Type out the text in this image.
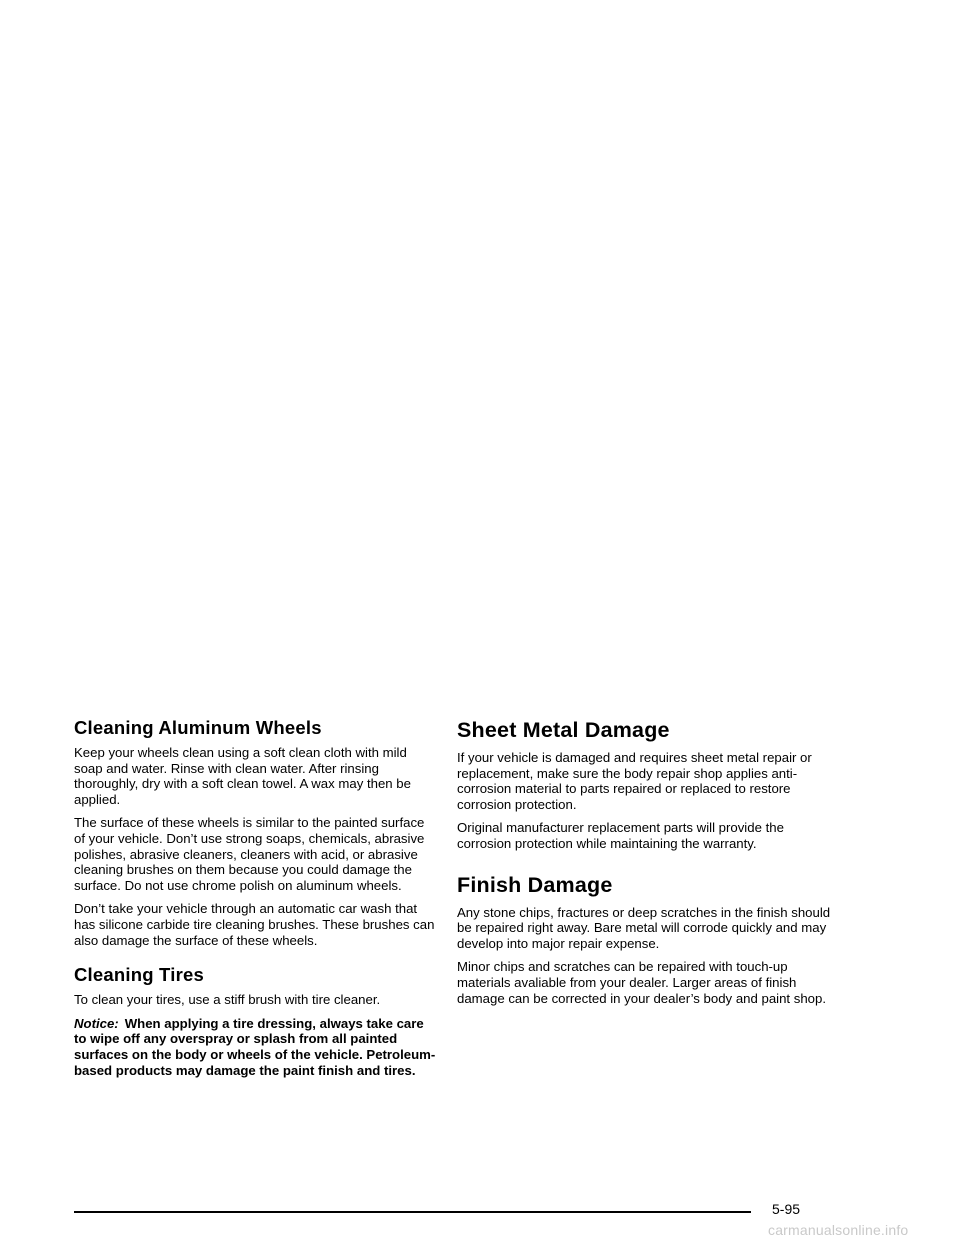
Cleaning Aluminum Wheels

Keep your wheels clean using a soft clean cloth with mild soap and water. Rinse with clean water. After rinsing thoroughly, dry with a soft clean towel. A wax may then be applied.

The surface of these wheels is similar to the painted surface of your vehicle. Don’t use strong soaps, chemicals, abrasive polishes, abrasive cleaners, cleaners with acid, or abrasive cleaning brushes on them because you could damage the surface. Do not use chrome polish on aluminum wheels.

Don’t take your vehicle through an automatic car wash that has silicone carbide tire cleaning brushes. These brushes can also damage the surface of these wheels.

Cleaning Tires

To clean your tires, use a stiff brush with tire cleaner.

Notice: When applying a tire dressing, always take care to wipe off any overspray or splash from all painted surfaces on the body or wheels of the vehicle. Petroleum-based products may damage the paint finish and tires.

Sheet Metal Damage

If your vehicle is damaged and requires sheet metal repair or replacement, make sure the body repair shop applies anti-corrosion material to parts repaired or replaced to restore corrosion protection.

Original manufacturer replacement parts will provide the corrosion protection while maintaining the warranty.

Finish Damage

Any stone chips, fractures or deep scratches in the finish should be repaired right away. Bare metal will corrode quickly and may develop into major repair expense.

Minor chips and scratches can be repaired with touch-up materials avaliable from your dealer. Larger areas of finish damage can be corrected in your dealer’s body and paint shop.

5-95
carmanualsonline.info
